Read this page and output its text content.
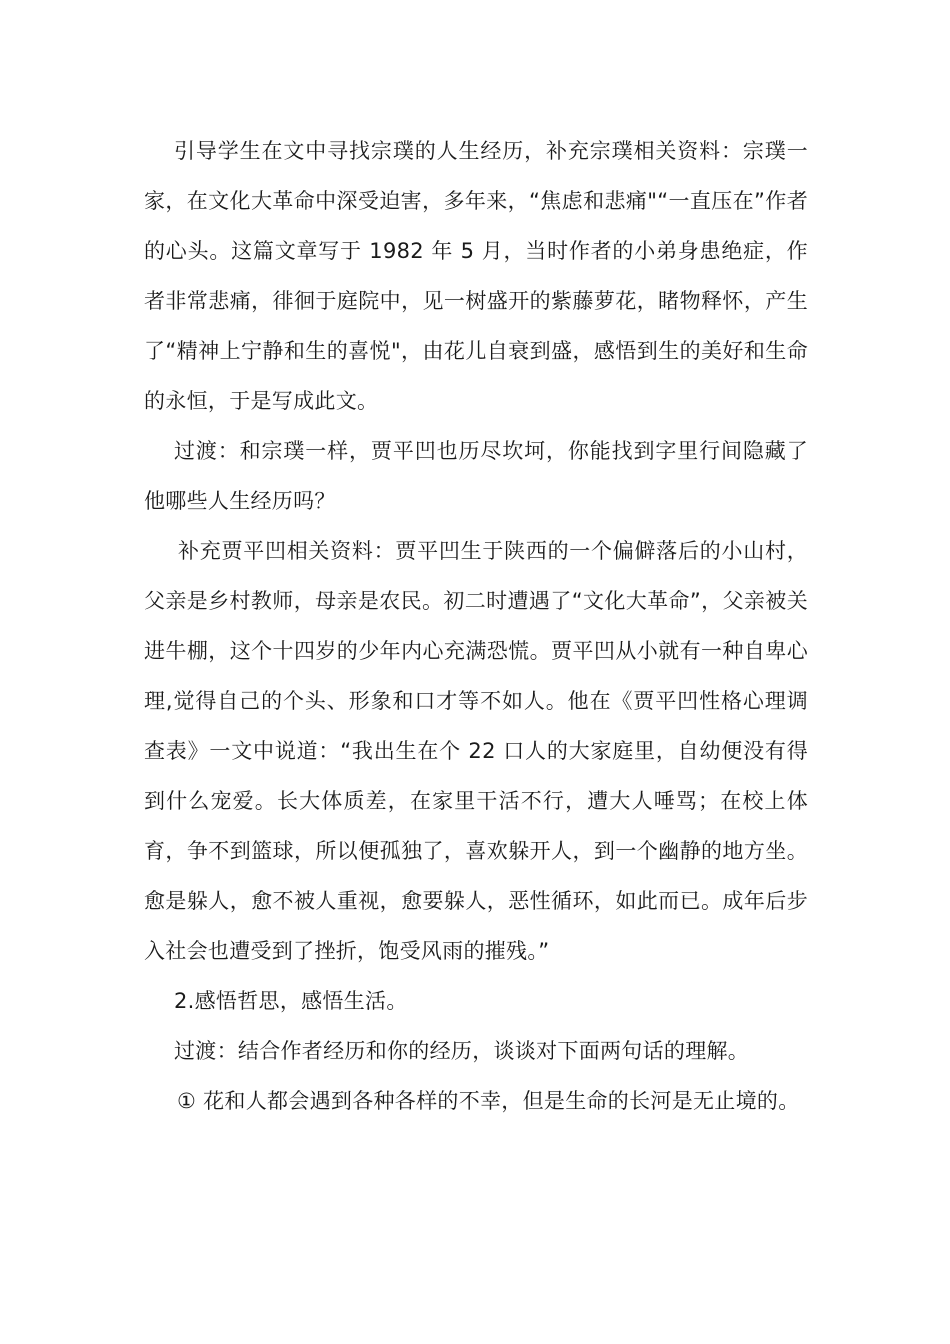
引导学生在文中寻找宗璞的人生经历，补充宗璞相关资料：宗璞一家，在文化大革命中深受迫害，多年来，“焦虑和悲痛"“一直压在”作者的心头。这篇文章写于 1982 年 5 月，当时作者的小弟身患绝症，作者非常悲痛，徘徊于庭院中，见一树盛开的紫藤萝花，睹物释怀，产生了“精神上宁静和生的喜悦"，由花儿自衰到盛，感悟到生的美好和生命的永恒，于是写成此文。

过渡：和宗璞一样，贾平凹也历尽坎坷，你能找到字里行间隐藏了他哪些人生经历吗？

补充贾平凹相关资料：贾平凹生于陕西的一个偏僻落后的小山村，父亲是乡村教师，母亲是农民。初二时遭遇了“文化大革命”，父亲被关进牛棚，这个十四岁的少年内心充满恐慌。贾平凹从小就有一种自卑心理,觉得自己的个头、形象和口才等不如人。他在《贾平凹性格心理调查表》一文中说道：“我出生在个 22 口人的大家庭里，自幼便没有得到什么宠爱。长大体质差，在家里干活不行，遭大人唾骂；在校上体育，争不到篮球，所以便孤独了，喜欢躲开人，到一个幽静的地方坐。愈是躲人，愈不被人重视，愈要躲人，恶性循环，如此而已。成年后步入社会也遭受到了挫折，饱受风雨的摧残。”

2.感悟哲思，感悟生活。

过渡：结合作者经历和你的经历，谈谈对下面两句话的理解。

① 花和人都会遇到各种各样的不幸，但是生命的长河是无止境的。
